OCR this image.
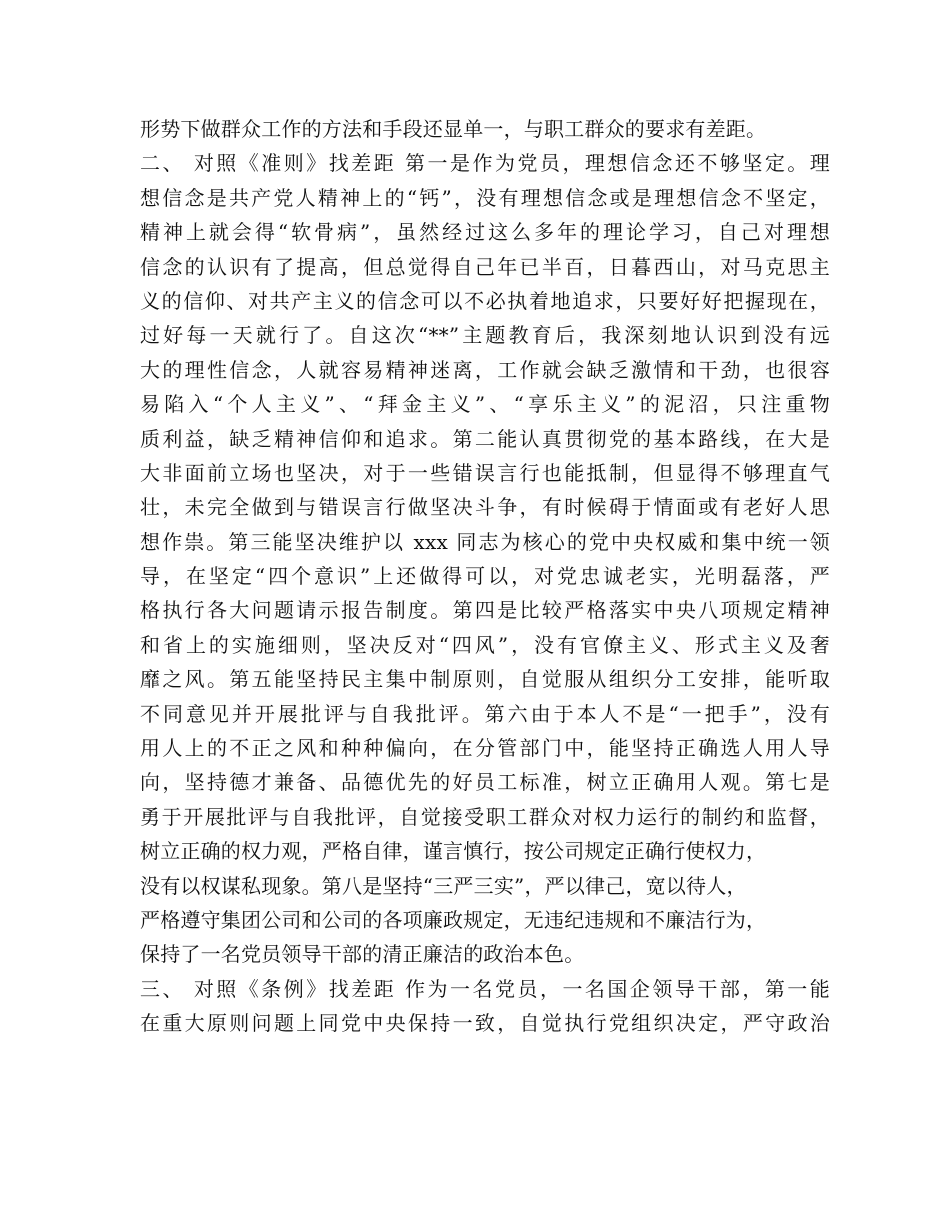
形势下做群众工作的方法和手段还显单一，与职工群众的要求有差距。
二、 对照《准则》找差距 第一是作为党员，理想信念还不够坚定。理
想信念是共产党人精神上的“钙”，没有理想信念或是理想信念不坚定，
精神上就会得“软骨病”，虽然经过这么多年的理论学习，自己对理想
信念的认识有了提高，但总觉得自己年已半百，日暮西山，对马克思主
义的信仰、对共产主义的信念可以不必执着地追求，只要好好把握现在，
过好每一天就行了。自这次“**”主题教育后，我深刻地认识到没有远
大的理性信念，人就容易精神迷离，工作就会缺乏激情和干劲，也很容
易陷入“个人主义”、“拜金主义”、“享乐主义”的泥沼，只注重物
质利益，缺乏精神信仰和追求。第二能认真贯彻党的基本路线，在大是
大非面前立场也坚决，对于一些错误言行也能抵制，但显得不够理直气
壮，未完全做到与错误言行做坚决斗争，有时候碍于情面或有老好人思
想作祟。第三能坚决维护以 xxx 同志为核心的党中央权威和集中统一领
导，在坚定“四个意识”上还做得可以，对党忠诚老实，光明磊落，严
格执行各大问题请示报告制度。第四是比较严格落实中央八项规定精神
和省上的实施细则，坚决反对“四风”，没有官僚主义、形式主义及奢
靡之风。第五能坚持民主集中制原则，自觉服从组织分工安排，能听取
不同意见并开展批评与自我批评。第六由于本人不是“一把手”，没有
用人上的不正之风和种种偏向，在分管部门中，能坚持正确选人用人导
向，坚持德才兼备、品德优先的好员工标准，树立正确用人观。第七是
勇于开展批评与自我批评，自觉接受职工群众对权力运行的制约和监督，
树立正确的权力观，严格自律，谨言慎行，按公司规定正确行使权力，
没有以权谋私现象。第八是坚持“三严三实”，严以律己，宽以待人，
严格遵守集团公司和公司的各项廉政规定，无违纪违规和不廉洁行为，
保持了一名党员领导干部的清正廉洁的政治本色。
三、 对照《条例》找差距 作为一名党员，一名国企领导干部，第一能
在重大原则问题上同党中央保持一致，自觉执行党组织决定，严守政治
